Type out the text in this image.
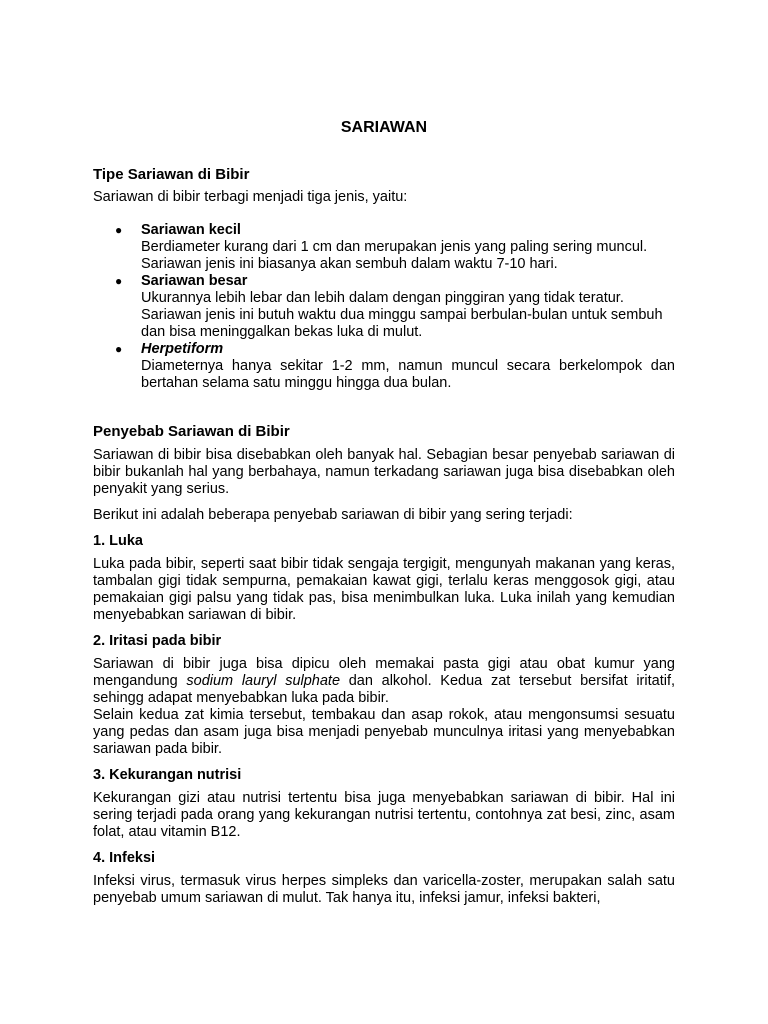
SARIAWAN
Tipe Sariawan di Bibir

Sariawan di bibir terbagi menjadi tiga jenis, yaitu:

● Sariawan kecil
Berdiameter kurang dari 1 cm dan merupakan jenis yang paling sering muncul. Sariawan jenis ini biasanya akan sembuh dalam waktu 7-10 hari.
● Sariawan besar
Ukurannya lebih lebar dan lebih dalam dengan pinggiran yang tidak teratur. Sariawan jenis ini butuh waktu dua minggu sampai berbulan-bulan untuk sembuh dan bisa meninggalkan bekas luka di mulut.
● Herpetiform
Diameternya hanya sekitar 1-2 mm, namun muncul secara berkelompok dan bertahan selama satu minggu hingga dua bulan.
Penyebab Sariawan di Bibir

Sariawan di bibir bisa disebabkan oleh banyak hal. Sebagian besar penyebab sariawan di bibir bukanlah hal yang berbahaya, namun terkadang sariawan juga bisa disebabkan oleh penyakit yang serius.

Berikut ini adalah beberapa penyebab sariawan di bibir yang sering terjadi:

1. Luka

Luka pada bibir, seperti saat bibir tidak sengaja tergigit, mengunyah makanan yang keras, tambalan gigi tidak sempurna, pemakaian kawat gigi, terlalu keras menggosok gigi, atau pemakaian gigi palsu yang tidak pas, bisa menimbulkan luka. Luka inilah yang kemudian menyebabkan sariawan di bibir.

2. Iritasi pada bibir

Sariawan di bibir juga bisa dipicu oleh memakai pasta gigi atau obat kumur yang mengandung sodium lauryl sulphate dan alkohol. Kedua zat tersebut bersifat iritatif, sehingg adapat menyebabkan luka pada bibir.

Selain kedua zat kimia tersebut, tembakau dan asap rokok, atau mengonsumsi sesuatu yang pedas dan asam juga bisa menjadi penyebab munculnya iritasi yang menyebabkan sariawan pada bibir.

3. Kekurangan nutrisi

Kekurangan gizi atau nutrisi tertentu bisa juga menyebabkan sariawan di bibir. Hal ini sering terjadi pada orang yang kekurangan nutrisi tertentu, contohnya zat besi, zinc, asam folat, atau vitamin B12.

4. Infeksi

Infeksi virus, termasuk virus herpes simpleks dan varicella-zoster, merupakan salah satu penyebab umum sariawan di mulut. Tak hanya itu, infeksi jamur, infeksi bakteri,
